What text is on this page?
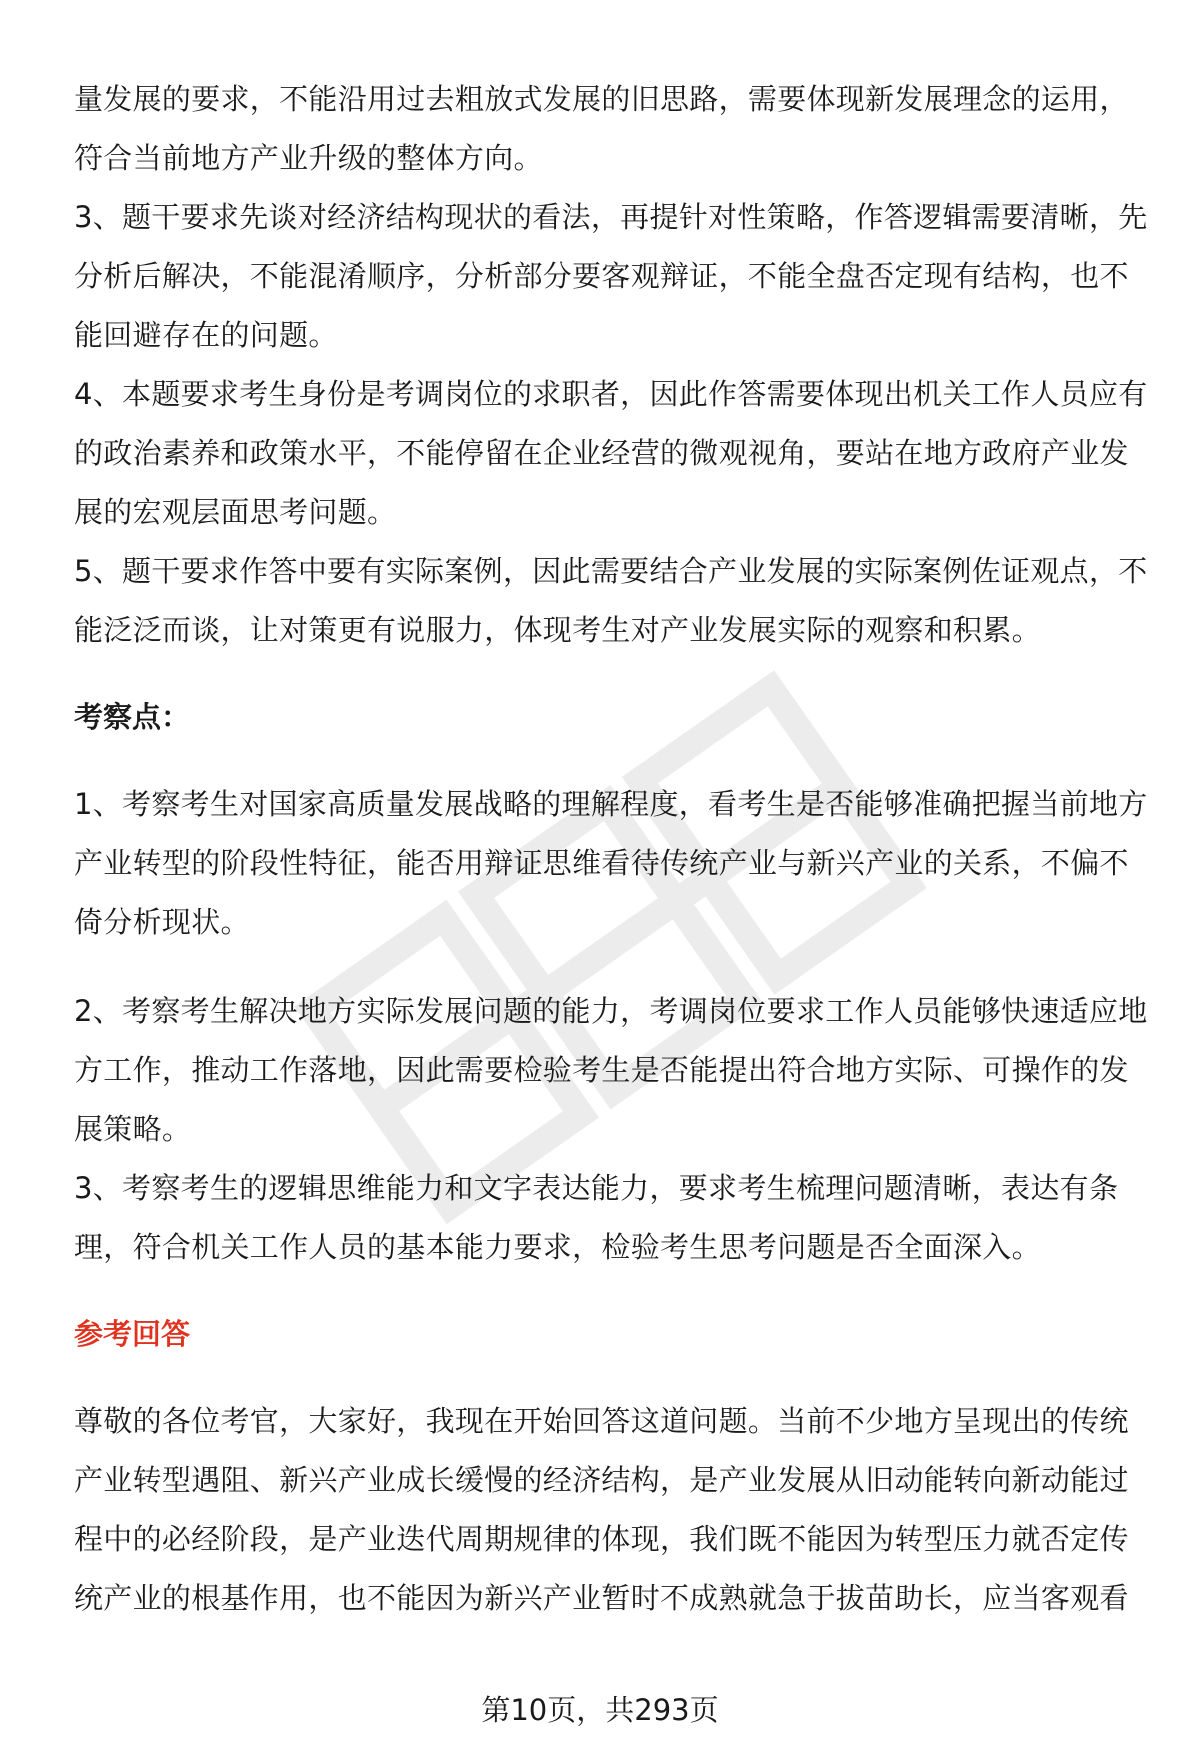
量发展的要求，不能沿用过去粗放式发展的旧思路，需要体现新发展理念的运用，符合当前地方产业升级的整体方向。

3、题干要求先谈对经济结构现状的看法，再提针对性策略，作答逻辑需要清晰，先分析后解决，不能混淆顺序，分析部分要客观辩证，不能全盘否定现有结构，也不能回避存在的问题。

4、本题要求考生身份是考调岗位的求职者，因此作答需要体现出机关工作人员应有的政治素养和政策水平，不能停留在企业经营的微观视角，要站在地方政府产业发展的宏观层面思考问题。

5、题干要求作答中要有实际案例，因此需要结合产业发展的实际案例佐证观点，不能泛泛而谈，让对策更有说服力，体现考生对产业发展实际的观察和积累。

考察点：

1、考察考生对国家高质量发展战略的理解程度，看考生是否能够准确把握当前地方产业转型的阶段性特征，能否用辩证思维看待传统产业与新兴产业的关系，不偏不倚分析现状。

2、考察考生解决地方实际发展问题的能力，考调岗位要求工作人员能够快速适应地方工作，推动工作落地，因此需要检验考生是否能提出符合地方实际、可操作的发展策略。

3、考察考生的逻辑思维能力和文字表达能力，要求考生梳理问题清晰，表达有条理，符合机关工作人员的基本能力要求，检验考生思考问题是否全面深入。

参考回答

尊敬的各位考官，大家好，我现在开始回答这道问题。当前不少地方呈现出的传统产业转型遇阻、新兴产业成长缓慢的经济结构，是产业发展从旧动能转向新动能过程中的必经阶段，是产业迭代周期规律的体现，我们既不能因为转型压力就否定传统产业的根基作用，也不能因为新兴产业暂时不成熟就急于拔苗助长，应当客观看

第10页，共293页
